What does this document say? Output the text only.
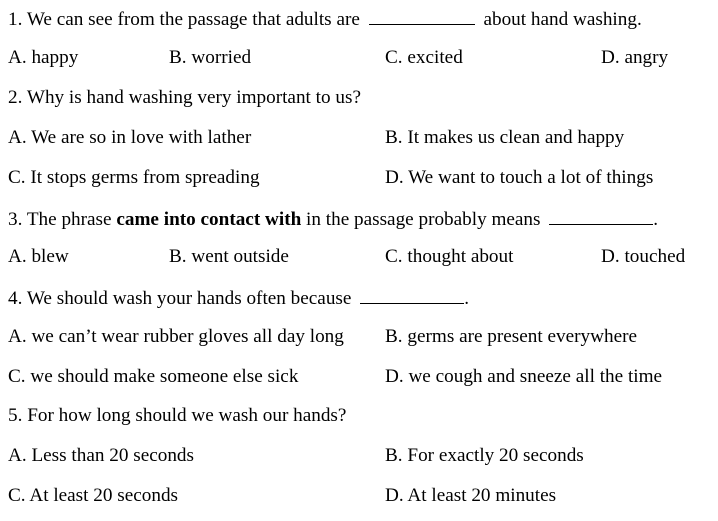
1. We can see from the passage that adults are	about hand washing.
A. happy	B. worried	C. excited	D. angry
2. Why is hand washing very important to us?
A. We are so in love with lather	B. It makes us clean and happy
C. It stops germs from spreading	D. We want to touch a lot of things
3. The phrase came into contact with in the passage probably means	.
A. blew	B. went outside	C. thought about	D. touched
4. We should wash your hands often because	.
A. we can’t wear rubber gloves all day long B. germs are present everywhere
C. we should make someone else sick	D. we cough and sneeze all the time
5. For how long should we wash our hands?
A. Less than 20 seconds	B. For exactly 20 seconds
C. At least 20 seconds	D. At least 20 minutes
